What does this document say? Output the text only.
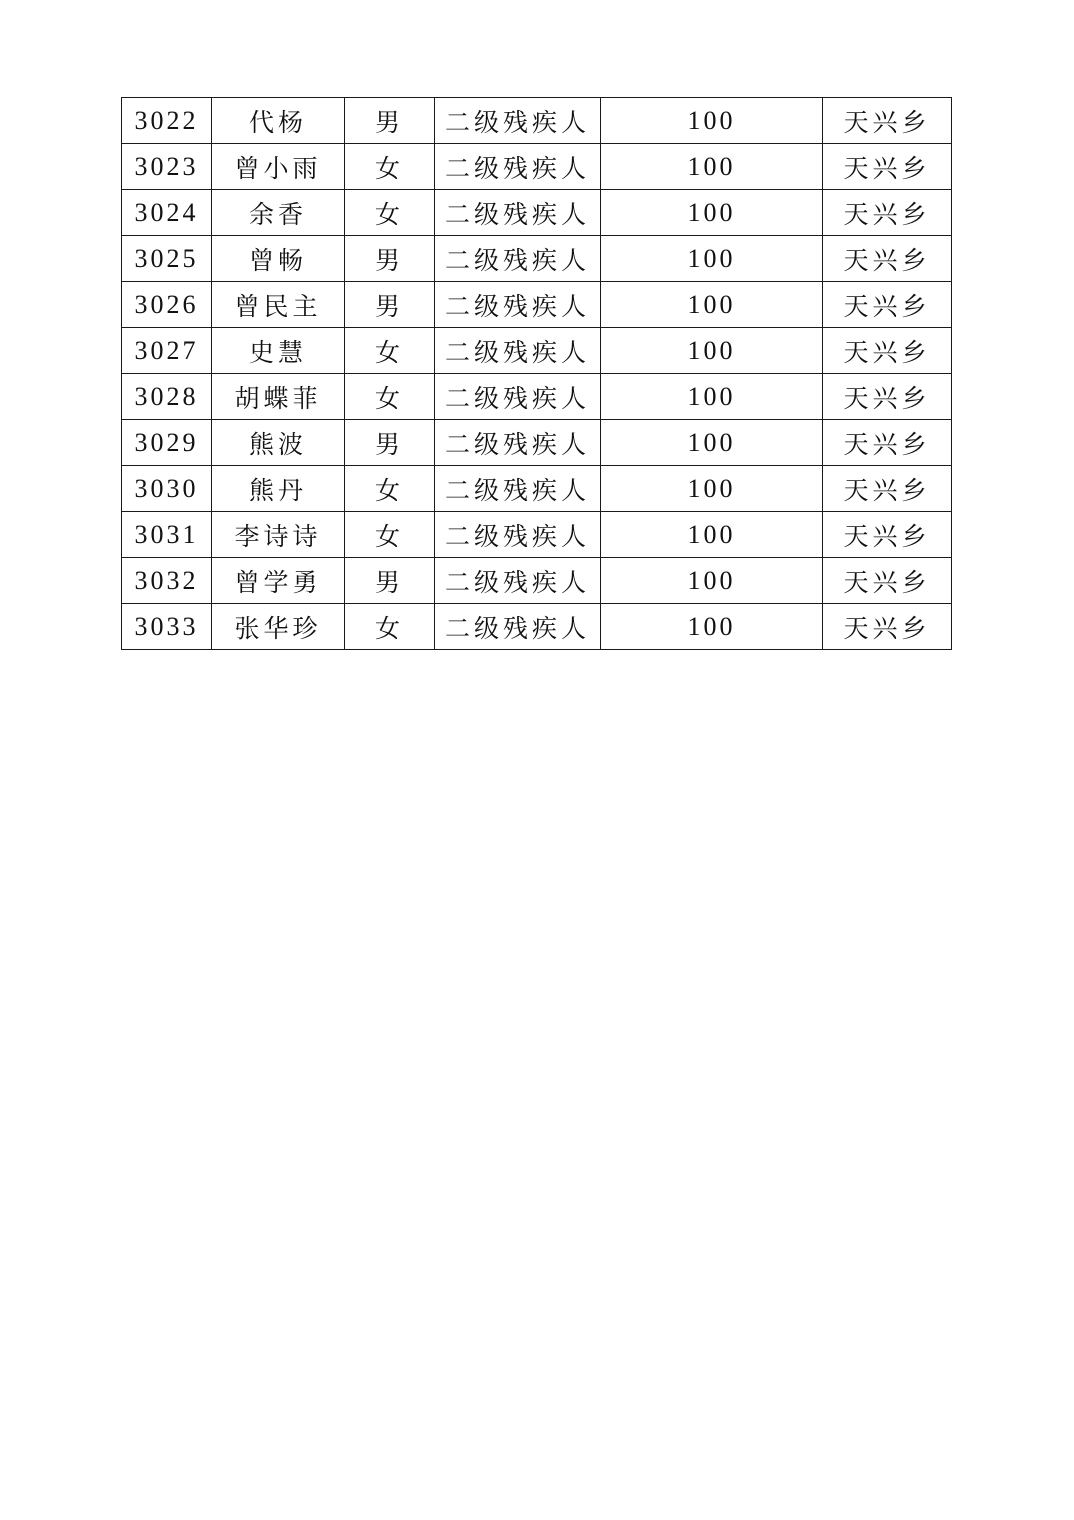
3022	代杨	男	二级残疾人	100	天兴乡
3023	曾小雨	女	二级残疾人	100	天兴乡
3024	余香	女	二级残疾人	100	天兴乡
3025	曾畅	男	二级残疾人	100	天兴乡
3026	曾民主	男	二级残疾人	100	天兴乡
3027	史慧	女	二级残疾人	100	天兴乡
3028	胡蝶菲	女	二级残疾人	100	天兴乡
3029	熊波	男	二级残疾人	100	天兴乡
3030	熊丹	女	二级残疾人	100	天兴乡
3031	李诗诗	女	二级残疾人	100	天兴乡
3032	曾学勇	男	二级残疾人	100	天兴乡
3033	张华珍	女	二级残疾人	100	天兴乡
